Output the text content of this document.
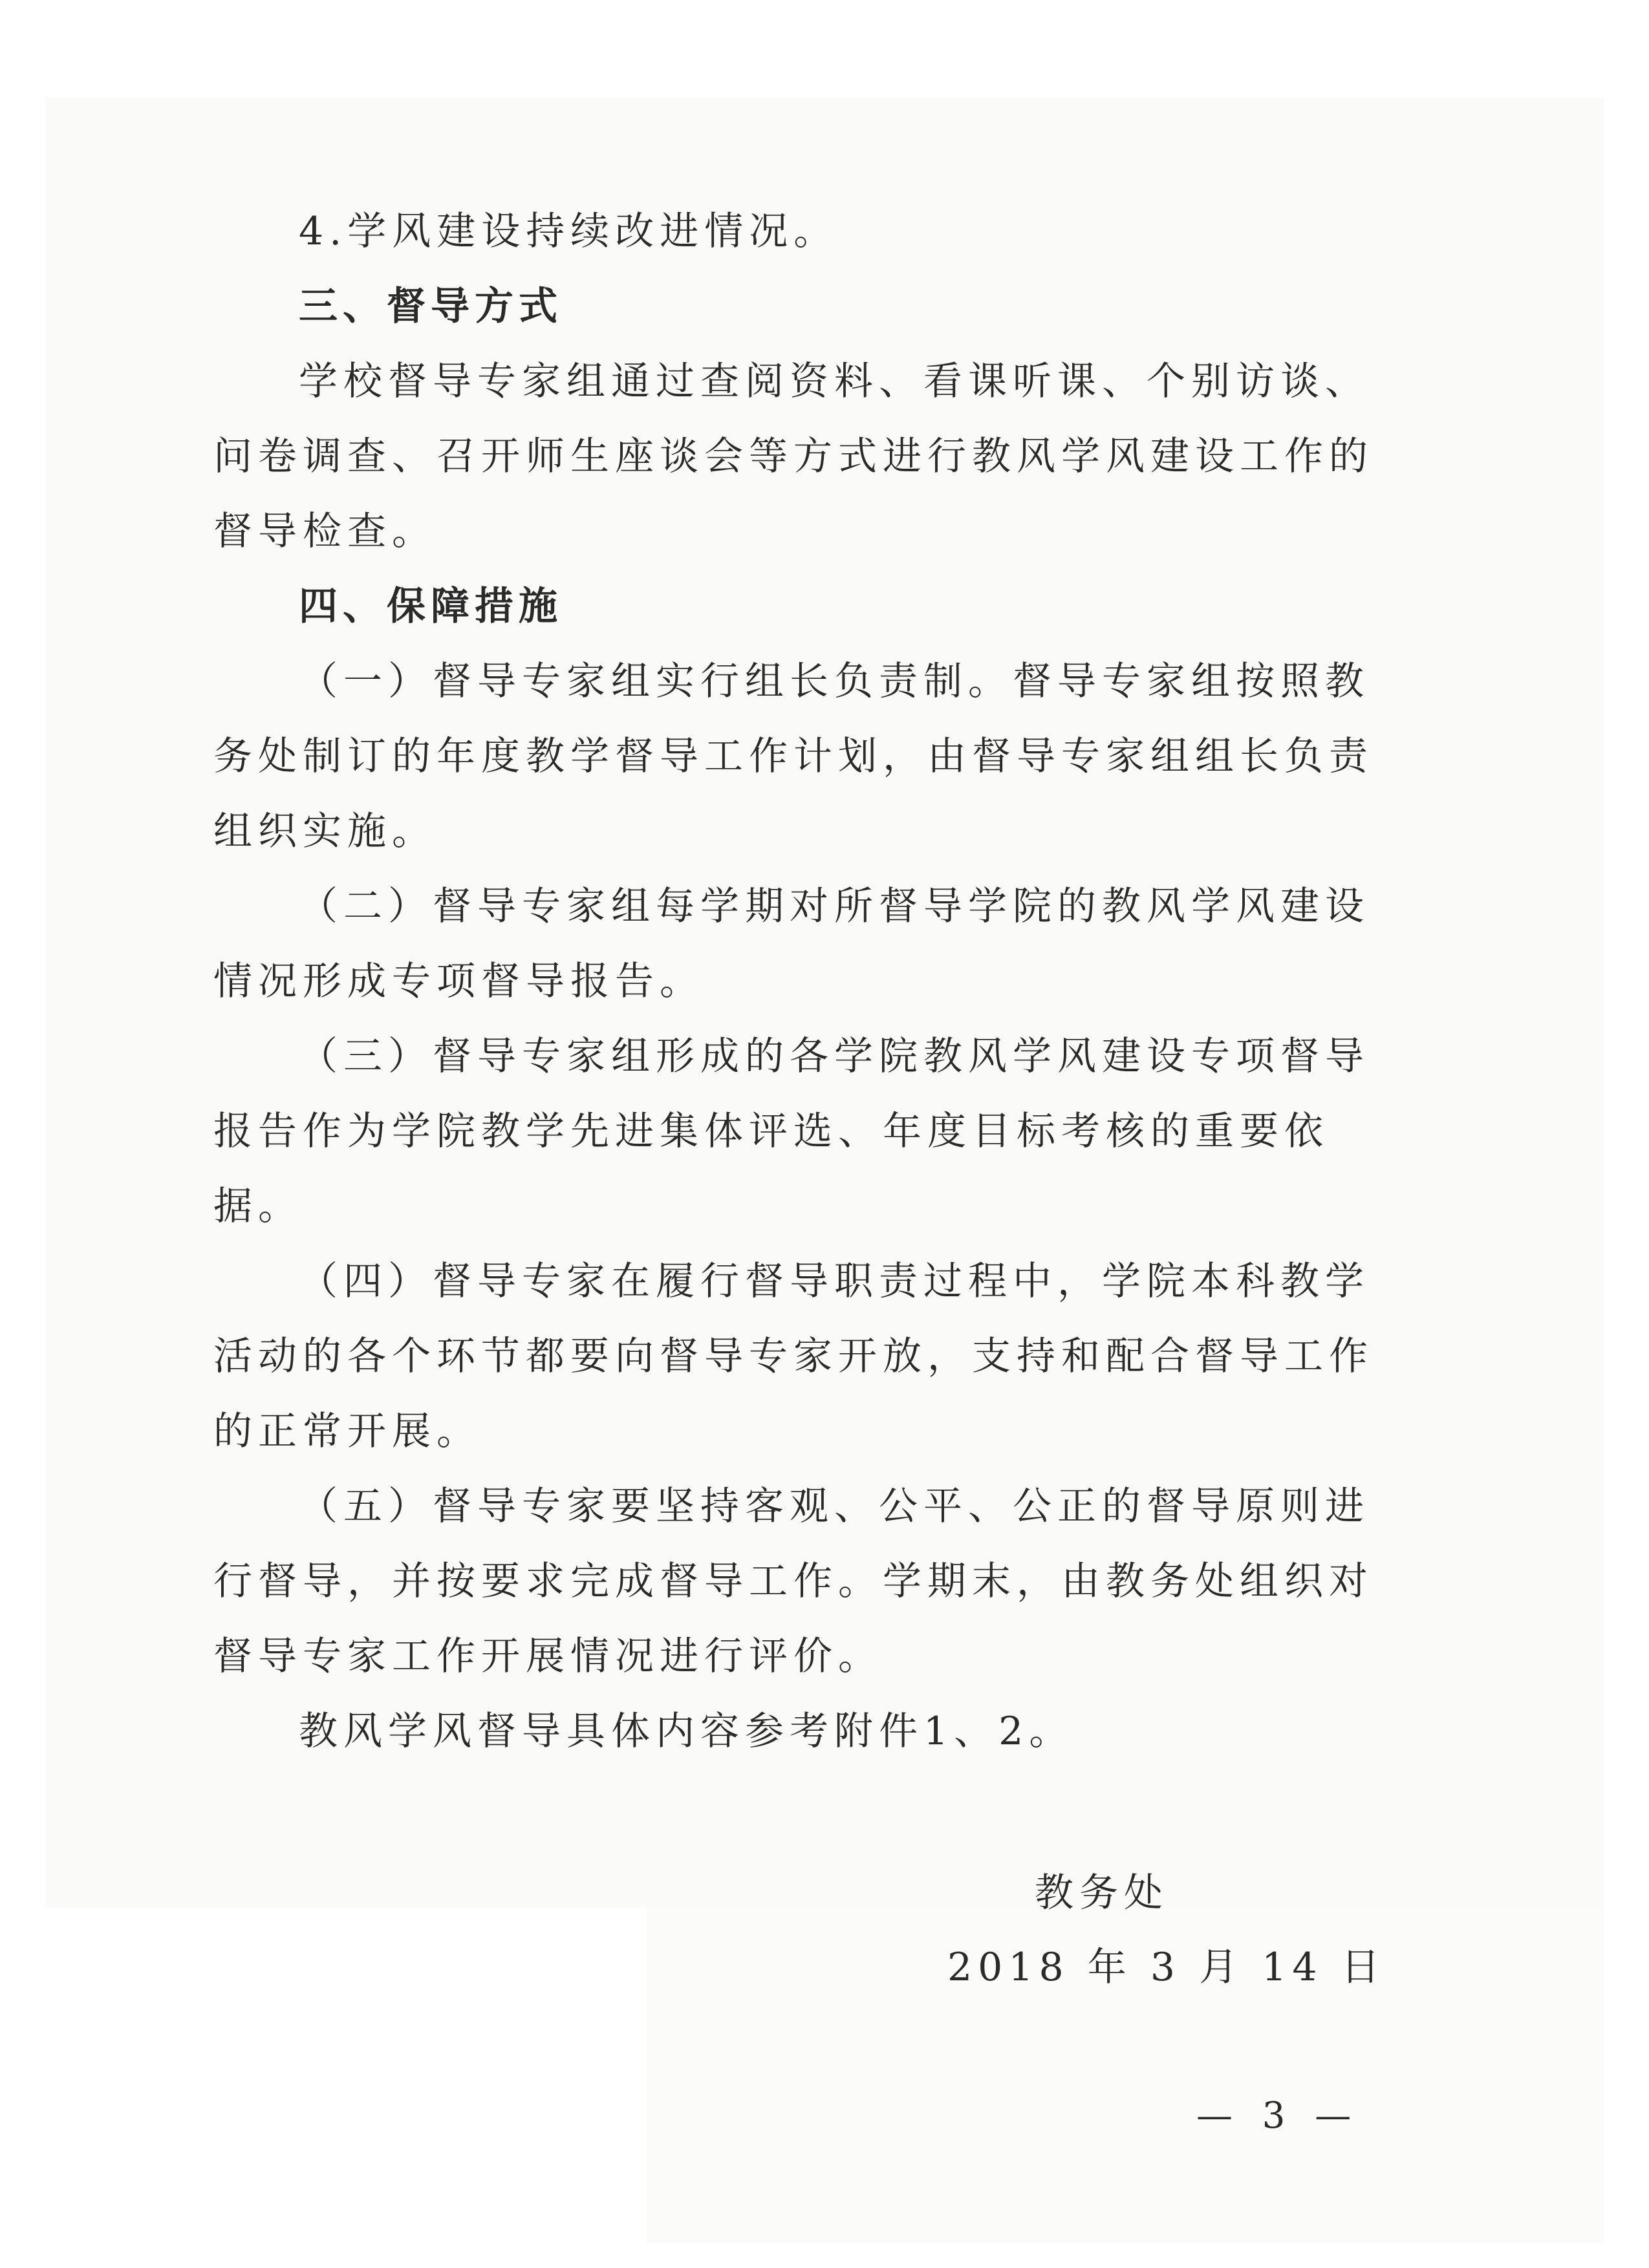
4.学风建设持续改进情况。
三、督导方式
学校督导专家组通过查阅资料、看课听课、个别访谈、
问卷调查、召开师生座谈会等方式进行教风学风建设工作的
督导检查。
四、保障措施
（一）督导专家组实行组长负责制。督导专家组按照教
务处制订的年度教学督导工作计划，由督导专家组组长负责
组织实施。
（二）督导专家组每学期对所督导学院的教风学风建设
情况形成专项督导报告。
（三）督导专家组形成的各学院教风学风建设专项督导
报告作为学院教学先进集体评选、年度目标考核的重要依
据。
（四）督导专家在履行督导职责过程中，学院本科教学
活动的各个环节都要向督导专家开放，支持和配合督导工作
的正常开展。
（五）督导专家要坚持客观、公平、公正的督导原则进
行督导，并按要求完成督导工作。学期末，由教务处组织对
督导专家工作开展情况进行评价。
教风学风督导具体内容参考附件1、2。
教务处
2018 年 3 月 14 日
— 3 —
